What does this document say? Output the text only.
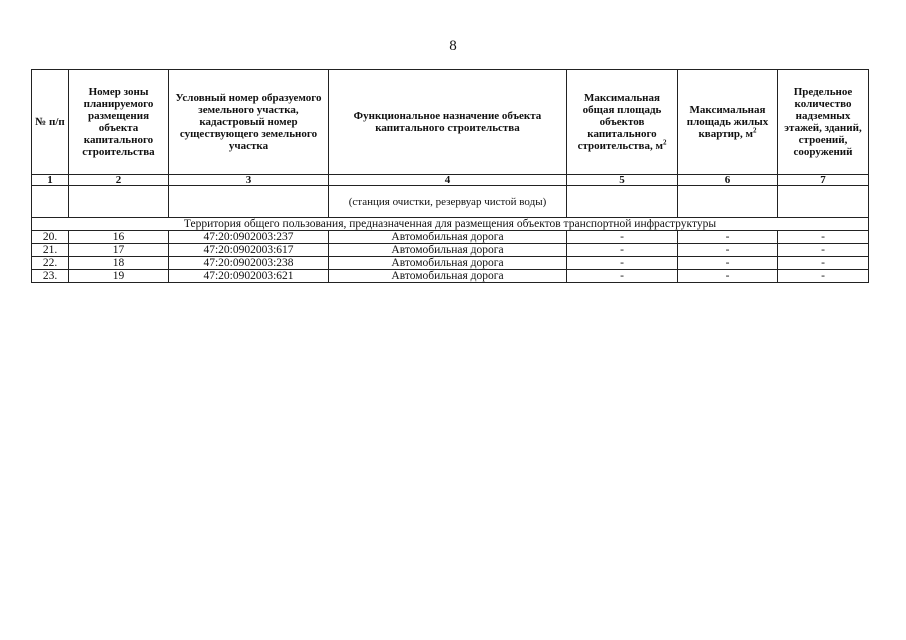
8
№ п/п	Номер зоны планируемого размещения объекта капитального строительства	Условный номер образуемого земельного участка, кадастровый номер существующего земельного участка	Функциональное назначение объекта капитального строительства	Максимальная общая площадь объектов капитального строительства, $м^2$	Максимальная площадь жилых квартир, $м^2$	Предельное количество надземных этажей, зданий, строений, сооружений
1	2	3	4	5	6	7
			(станция очистки, резервуар чистой воды)			
Территория общего пользования, предназначенная для размещения объектов транспортной инфраструктуры						
20.	16	47:20:0902003:237	Автомобильная дорога	-	-	-
21.	17	47:20:0902003:617	Автомобильная дорога	-	-	-
22.	18	47:20:0902003:238	Автомобильная дорога	-	-	-
23.	19	47:20:0902003:621	Автомобильная дорога	-	-	-
